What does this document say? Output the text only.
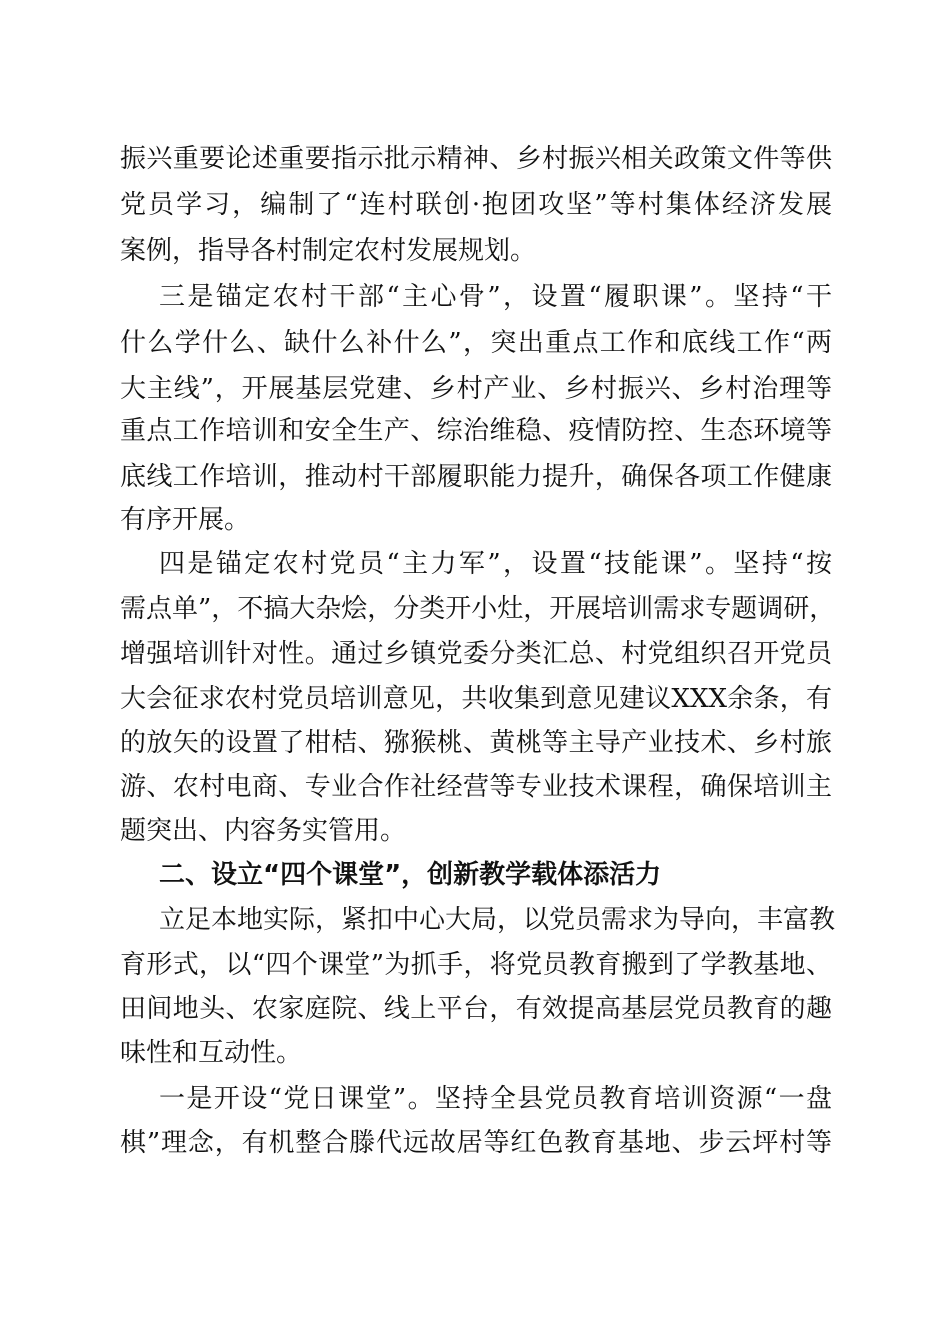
振兴重要论述重要指示批示精神、乡村振兴相关政策文件等供
党员学习，编制了“连村联创·抱团攻坚”等村集体经济发展
案例，指导各村制定农村发展规划。
三是锚定农村干部“主心骨”，设置“履职课”。坚持“干
什么学什么、缺什么补什么”，突出重点工作和底线工作“两
大主线”，开展基层党建、乡村产业、乡村振兴、乡村治理等
重点工作培训和安全生产、综治维稳、疫情防控、生态环境等
底线工作培训，推动村干部履职能力提升，确保各项工作健康
有序开展。
四是锚定农村党员“主力军”，设置“技能课”。坚持“按
需点单”，不搞大杂烩，分类开小灶，开展培训需求专题调研，
增强培训针对性。通过乡镇党委分类汇总、村党组织召开党员
大会征求农村党员培训意见，共收集到意见建议XXX余条，有
的放矢的设置了柑桔、猕猴桃、黄桃等主导产业技术、乡村旅
游、农村电商、专业合作社经营等专业技术课程，确保培训主
题突出、内容务实管用。
二、设立“四个课堂”，创新教学载体添活力
立足本地实际，紧扣中心大局，以党员需求为导向，丰富教
育形式，以“四个课堂”为抓手，将党员教育搬到了学教基地、
田间地头、农家庭院、线上平台，有效提高基层党员教育的趣
味性和互动性。
一是开设“党日课堂”。坚持全县党员教育培训资源“一盘
棋”理念，有机整合滕代远故居等红色教育基地、步云坪村等
